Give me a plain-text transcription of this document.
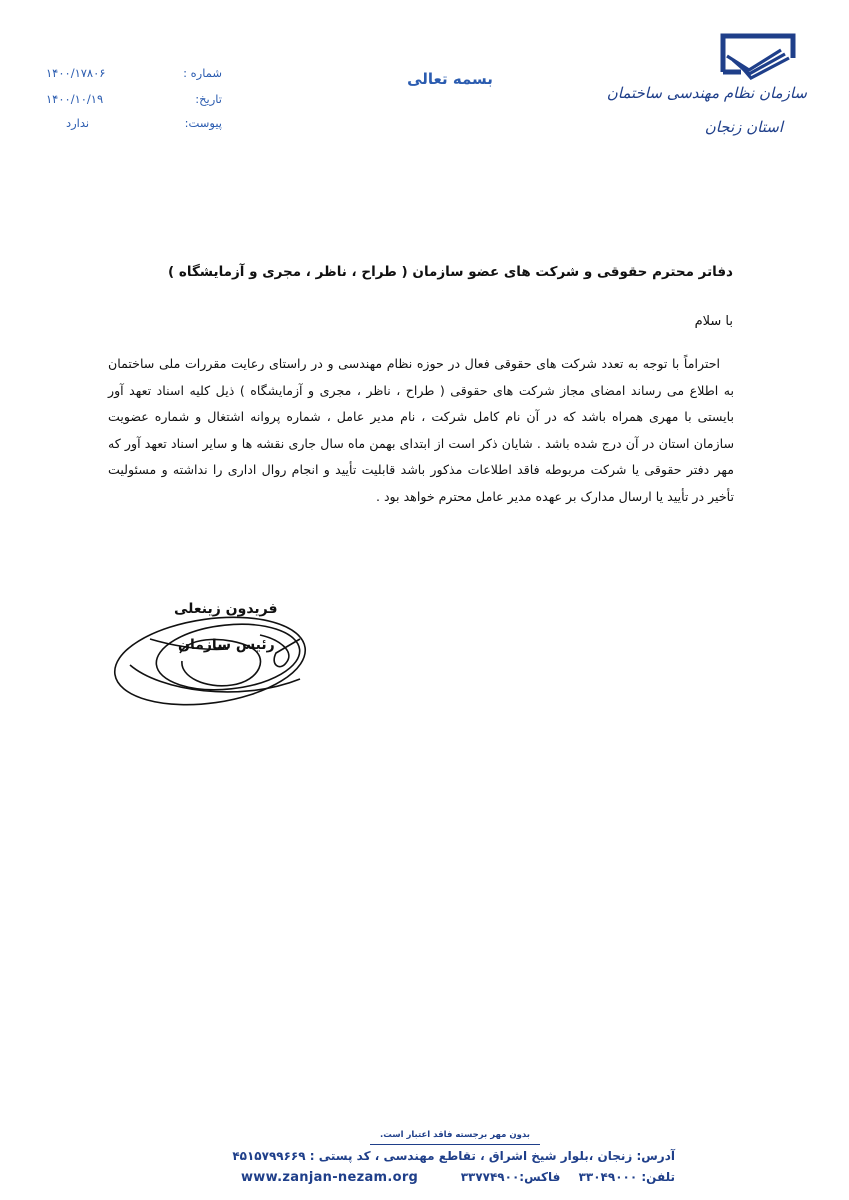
سازمان نظام مهندسی ساختمان
استان زنجان
بسمه تعالی
شماره :
۱۴۰۰/۱۷۸۰۶
تاریخ:
۱۴۰۰/۱۰/۱۹
پیوست:
ندارد
دفاتر محترم حقوقی و شرکت های عضو سازمان ( طراح ، ناظر ، مجری و آزمایشگاه )
با سلام
احتراماً با توجه به تعدد شرکت های حقوقی فعال در حوزه نظام مهندسی و در راستای رعایت مقررات ملی ساختمان به اطلاع می رساند امضای مجاز شرکت های حقوقی ( طراح ، ناظر ، مجری و آزمایشگاه ) ذیل کلیه اسناد تعهد آور بایستی با مهری همراه باشد که در آن نام کامل شرکت ، نام مدیر عامل ، شماره پروانه اشتغال و شماره عضویت سازمان استان در آن درج شده باشد . شایان ذکر است از ابتدای بهمن ماه سال جاری نقشه ها و سایر اسناد تعهد آور که مهر دفتر حقوقی یا شرکت مربوطه فاقد اطلاعات مذکور باشد قابلیت تأیید و انجام روال اداری را نداشته و مسئولیت تأخیر در تأیید یا ارسال مدارک بر عهده مدیر عامل محترم خواهد بود .
فریدون زینعلی
رئیس سازمان
بدون مهر برجسته فاقد اعتبار است.
آدرس: زنجان ،بلوار شیخ اشراق ، تقاطع مهندسی ، کد پستی : ۴۵۱۵۷۹۹۶۶۹
تلفن: ۳۳۰۴۹۰۰۰ فاکس:۳۳۷۷۴۹۰۰
www.zanjan-nezam.org
